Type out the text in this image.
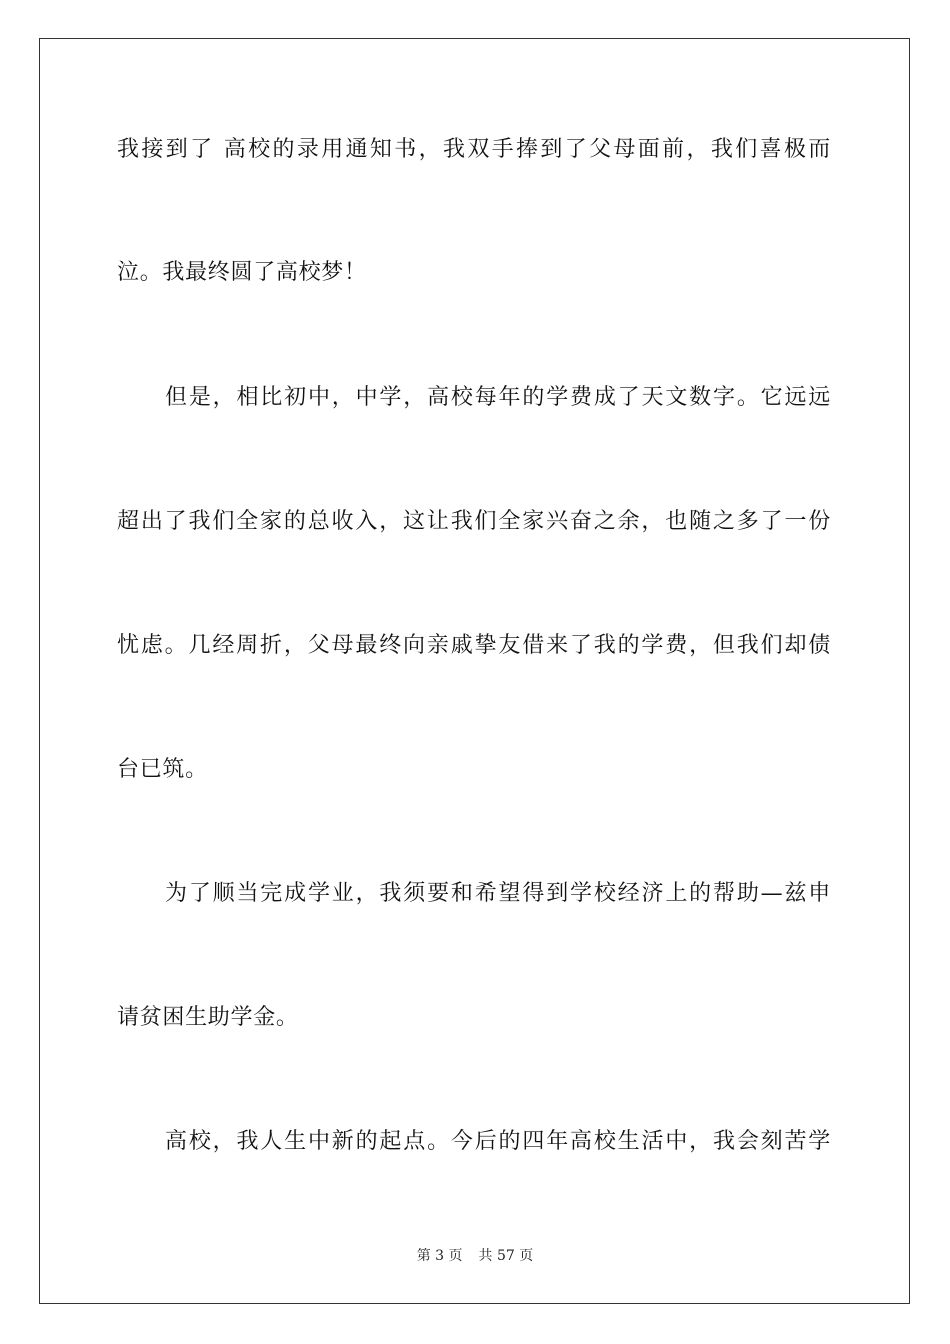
我接到了 高校的录用通知书，我双手捧到了父母面前，我们喜极而
泣。我最终圆了高校梦！
但是，相比初中，中学，高校每年的学费成了天文数字。它远远
超出了我们全家的总收入，这让我们全家兴奋之余，也随之多了一份
忧虑。几经周折，父母最终向亲戚挚友借来了我的学费，但我们却债
台已筑。
为了顺当完成学业，我须要和希望得到学校经济上的帮助—兹申
请贫困生助学金。
高校，我人生中新的起点。今后的四年高校生活中，我会刻苦学
第 3 页 共 57 页
